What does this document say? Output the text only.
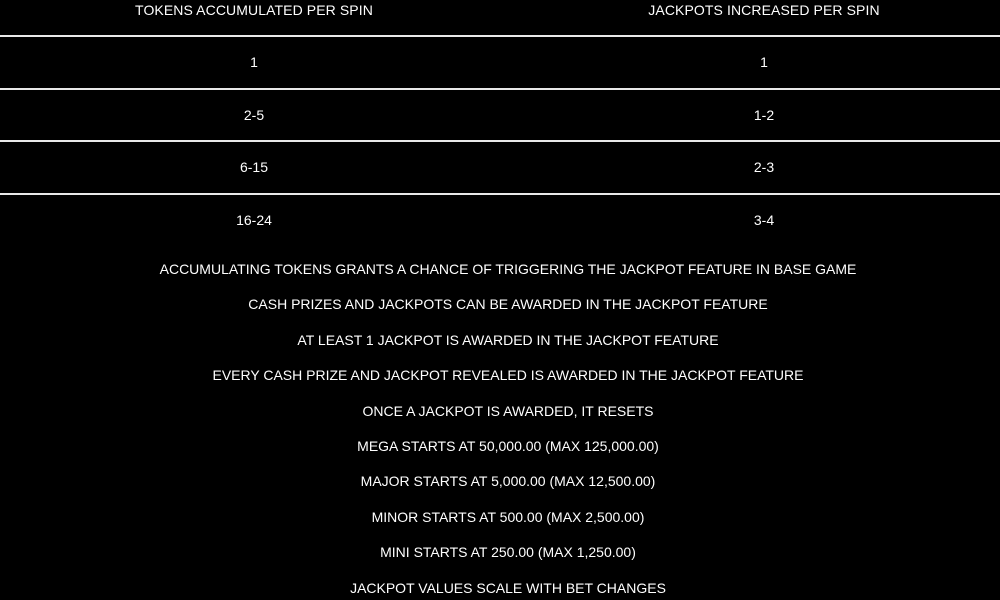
TOKENS ACCUMULATED PER SPIN	JACKPOTS INCREASED PER SPIN
1	1
2-5	1-2
6-15	2-3
16-24	3-4
ACCUMULATING TOKENS GRANTS A CHANCE OF TRIGGERING THE JACKPOT FEATURE IN BASE GAME
CASH PRIZES AND JACKPOTS CAN BE AWARDED IN THE JACKPOT FEATURE
AT LEAST 1 JACKPOT IS AWARDED IN THE JACKPOT FEATURE
EVERY CASH PRIZE AND JACKPOT REVEALED IS AWARDED IN THE JACKPOT FEATURE
ONCE A JACKPOT IS AWARDED, IT RESETS
MEGA STARTS AT 50,000.00 (MAX 125,000.00)
MAJOR STARTS AT 5,000.00 (MAX 12,500.00)
MINOR STARTS AT 500.00 (MAX 2,500.00)
MINI STARTS AT 250.00 (MAX 1,250.00)
JACKPOT VALUES SCALE WITH BET CHANGES
